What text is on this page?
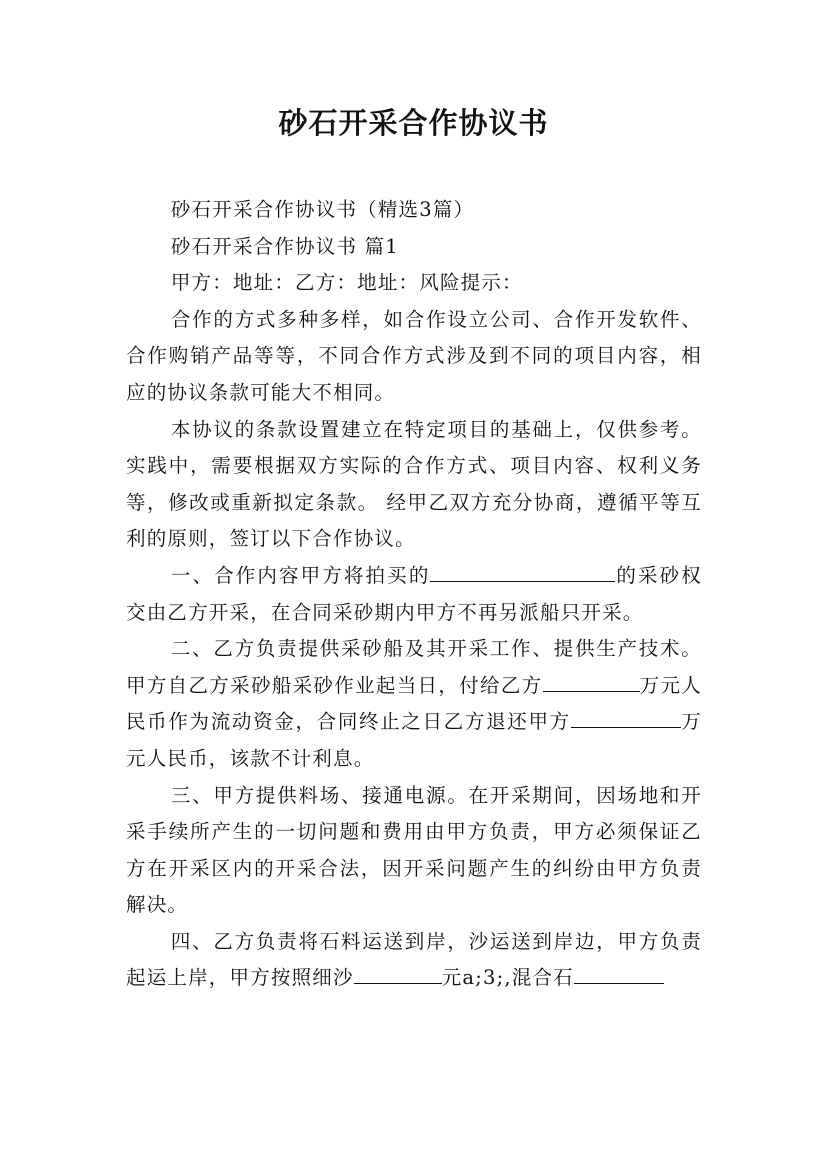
砂石开采合作协议书

砂石开采合作协议书（精选3篇）

砂石开采合作协议书 篇1

甲方：地址：乙方：地址：风险提示：

合作的方式多种多样，如合作设立公司、合作开发软件、合作购销产品等等，不同合作方式涉及到不同的项目内容，相应的协议条款可能大不相同。

本协议的条款设置建立在特定项目的基础上，仅供参考。实践中，需要根据双方实际的合作方式、项目内容、权利义务等，修改或重新拟定条款。 经甲乙双方充分协商，遵循平等互利的原则，签订以下合作协议。

一、合作内容甲方将拍买的	的采砂权交由乙方开采，在合同采砂期内甲方不再另派船只开采。

二、乙方负责提供采砂船及其开采工作、提供生产技术。甲方自乙方采砂船采砂作业起当日，付给乙方	万元人民币作为流动资金，合同终止之日乙方退还甲方	万元人民币，该款不计利息。

三、甲方提供料场、接通电源。在开采期间，因场地和开采手续所产生的一切问题和费用由甲方负责，甲方必须保证乙方在开采区内的开采合法，因开采问题产生的纠纷由甲方负责解决。

四、乙方负责将石料运送到岸，沙运送到岸边，甲方负责起运上岸，甲方按照细沙	元a;3;,混合石
